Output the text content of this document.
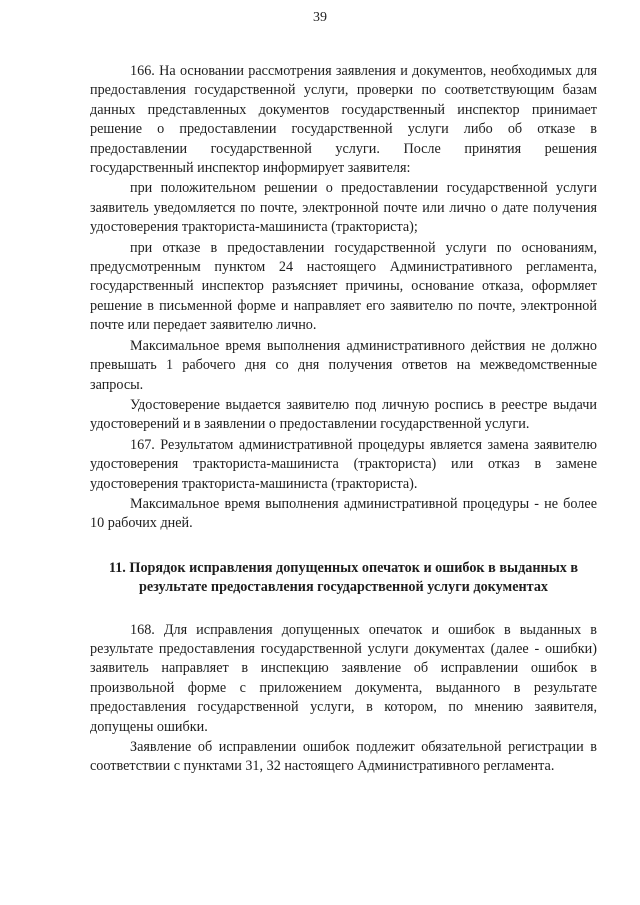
39

166. На основании рассмотрения заявления и документов, необходимых для предоставления государственной услуги, проверки по соответствующим базам данных представленных документов государственный инспектор принимает решение о предоставлении государственной услуги либо об отказе в предоставлении государственной услуги. После принятия решения государственный инспектор информирует заявителя:

при положительном решении о предоставлении государственной услуги заявитель уведомляется по почте, электронной почте или лично о дате получения удостоверения тракториста-машиниста (тракториста);

при отказе в предоставлении государственной услуги по основаниям, предусмотренным пунктом 24 настоящего Административного регламента, государственный инспектор разъясняет причины, основание отказа, оформляет решение в письменной форме и направляет его заявителю по почте, электронной почте или передает заявителю лично.

Максимальное время выполнения административного действия не должно превышать 1 рабочего дня со дня получения ответов на межведомственные запросы.

Удостоверение выдается заявителю под личную роспись в реестре выдачи удостоверений и в заявлении о предоставлении государственной услуги.

167. Результатом административной процедуры является замена заявителю удостоверения тракториста-машиниста (тракториста) или отказ в замене удостоверения тракториста-машиниста (тракториста).

Максимальное время выполнения административной процедуры - не более 10 рабочих дней.

11. Порядок исправления допущенных опечаток и ошибок в выданных в результате предоставления государственной услуги документах

168. Для исправления допущенных опечаток и ошибок в выданных в результате предоставления государственной услуги документах (далее - ошибки) заявитель направляет в инспекцию заявление об исправлении ошибок в произвольной форме с приложением документа, выданного в результате предоставления государственной услуги, в котором, по мнению заявителя, допущены ошибки.

Заявление об исправлении ошибок подлежит обязательной регистрации в соответствии с пунктами 31, 32 настоящего Административного регламента.
